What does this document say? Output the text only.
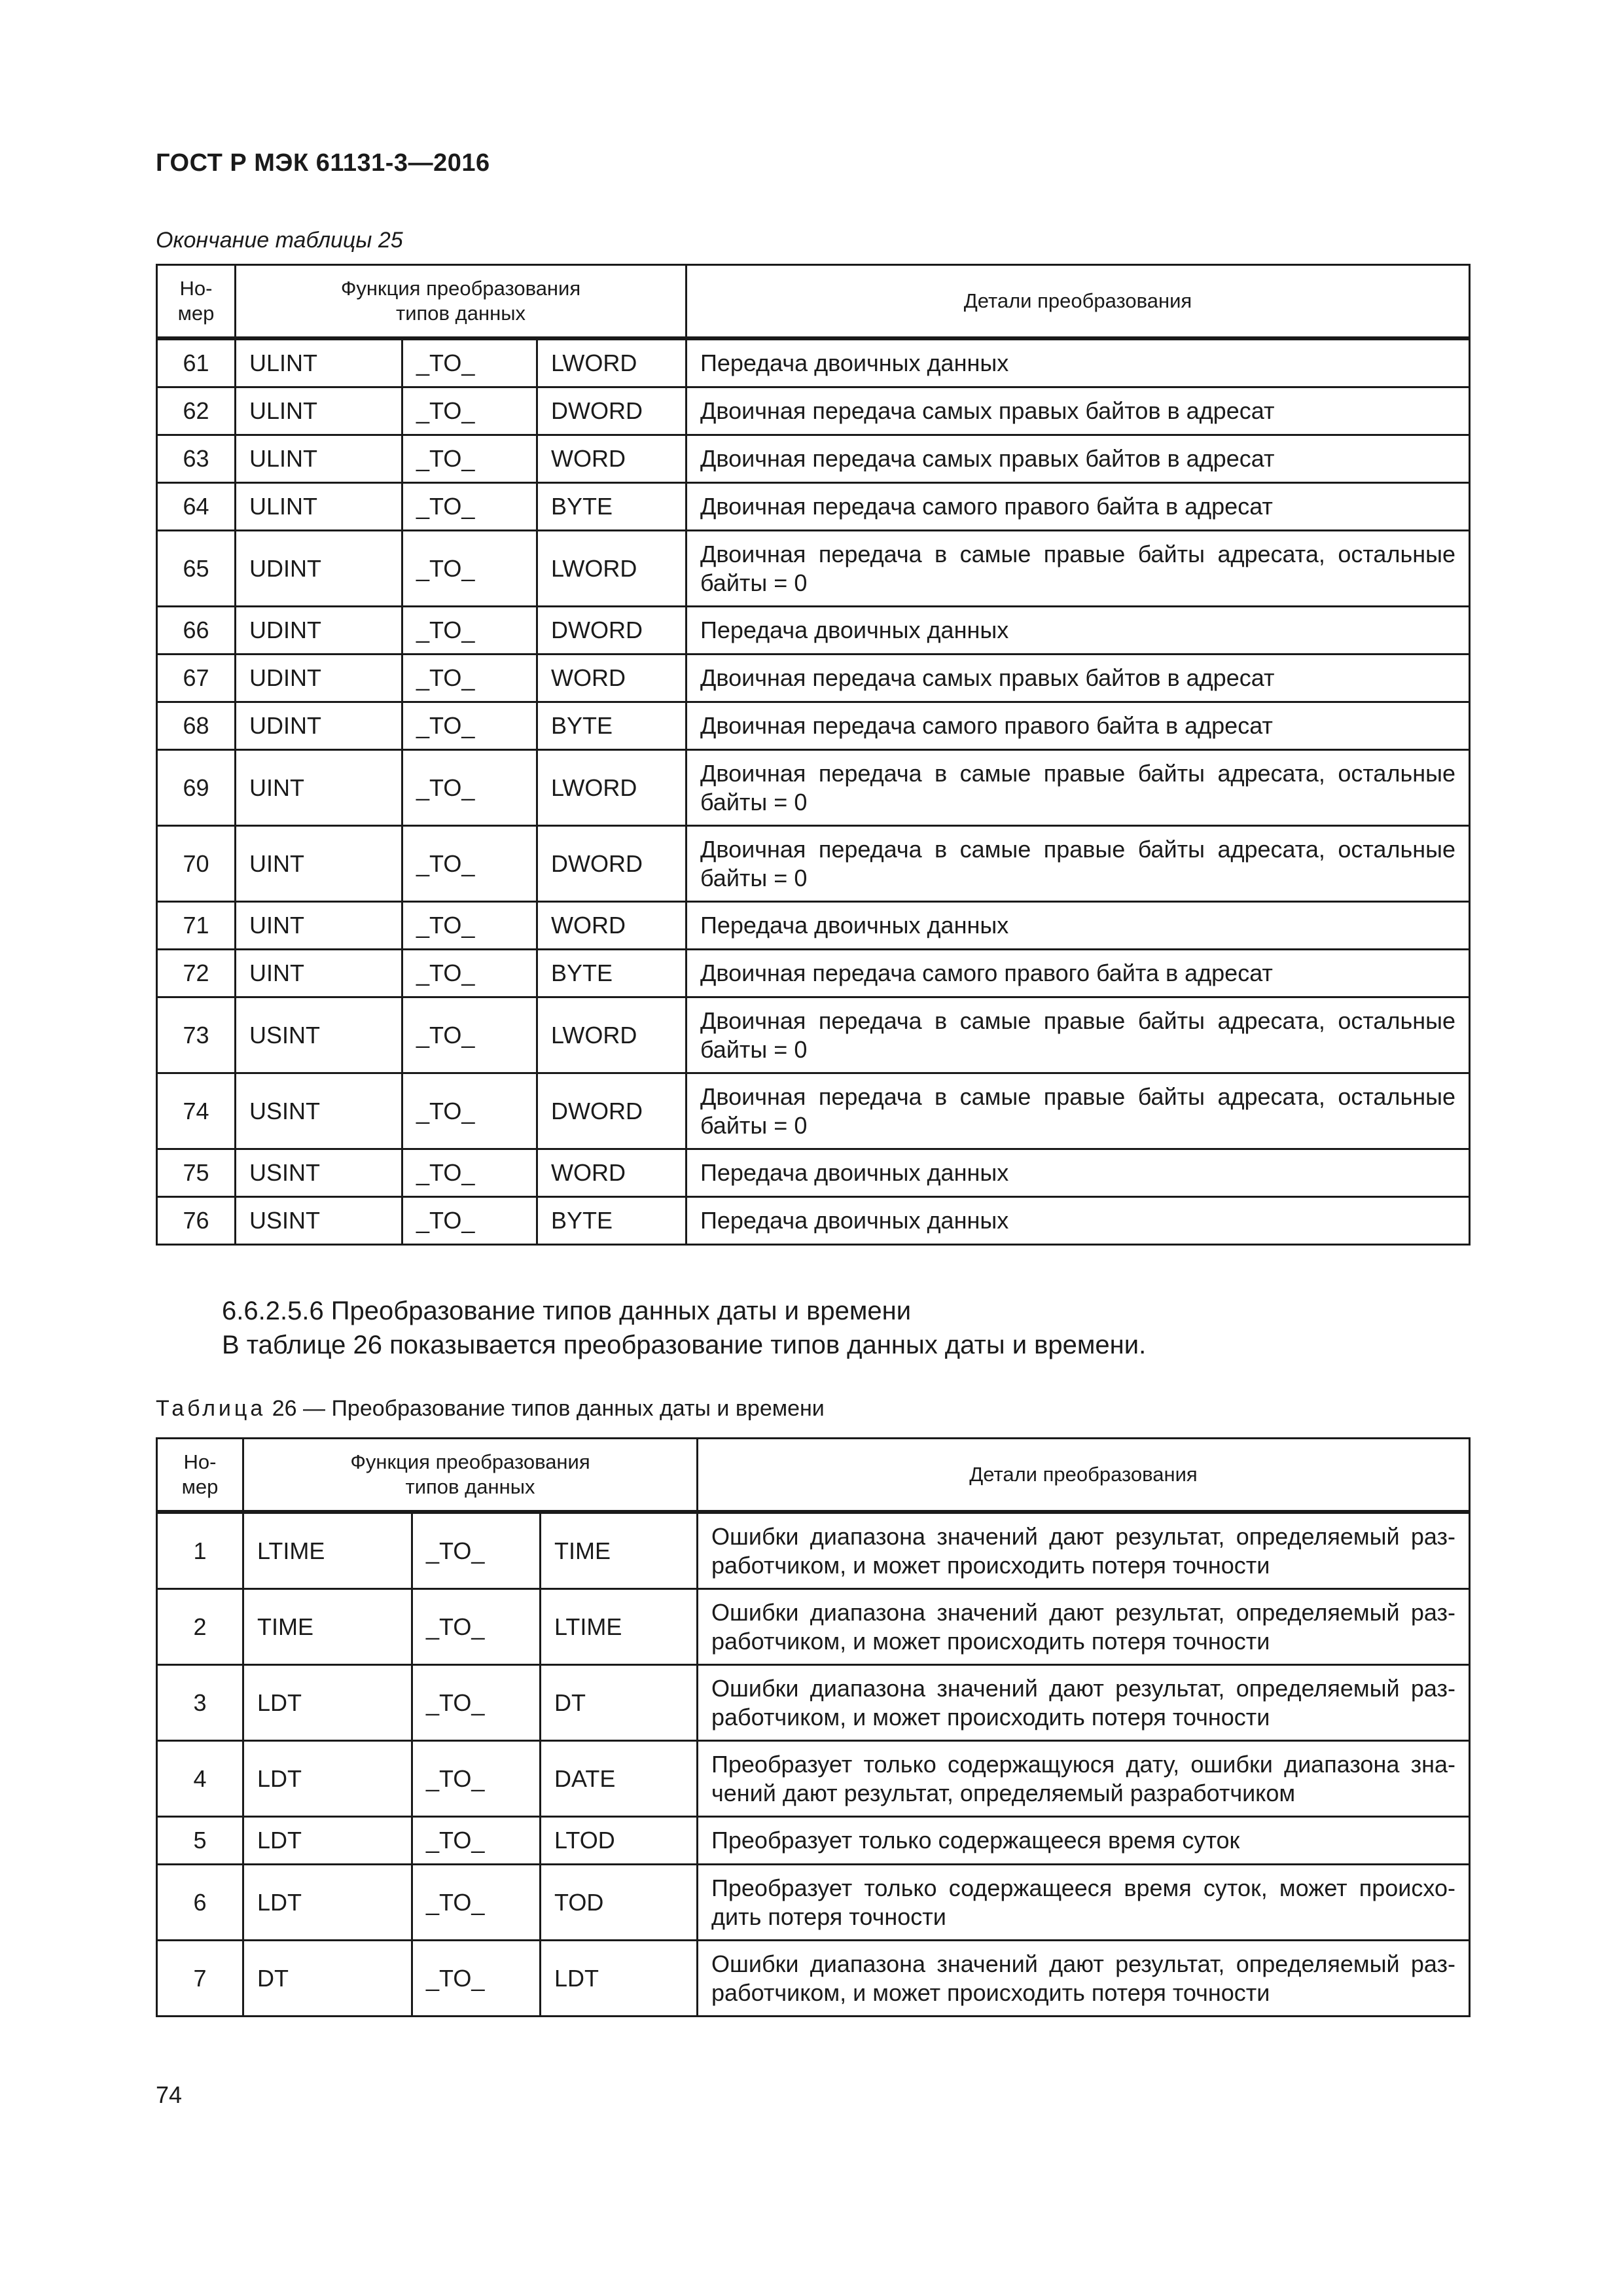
ГОСТ Р МЭК 61131-3—2016
Окончание таблицы 25
Но-
мер	Функция преобразования
типов данных			Детали преобразования
61	ULINT	_TO_	LWORD	Передача двоичных данных
62	ULINT	_TO_	DWORD	Двоичная передача самых правых байтов в адресат
63	ULINT	_TO_	WORD	Двоичная передача самых правых байтов в адресат
64	ULINT	_TO_	BYTE	Двоичная передача самого правого байта в адресат
65	UDINT	_TO_	LWORD	Двоичная передача в самые правые байты адресата, остальные байты = 0
66	UDINT	_TO_	DWORD	Передача двоичных данных
67	UDINT	_TO_	WORD	Двоичная передача самых правых байтов в адресат
68	UDINT	_TO_	BYTE	Двоичная передача самого правого байта в адресат
69	UINT	_TO_	LWORD	Двоичная передача в самые правые байты адресата, остальные байты = 0
70	UINT	_TO_	DWORD	Двоичная передача в самые правые байты адресата, остальные байты = 0
71	UINT	_TO_	WORD	Передача двоичных данных
72	UINT	_TO_	BYTE	Двоичная передача самого правого байта в адресат
73	USINT	_TO_	LWORD	Двоичная передача в самые правые байты адресата, остальные байты = 0
74	USINT	_TO_	DWORD	Двоичная передача в самые правые байты адресата, остальные байты = 0
75	USINT	_TO_	WORD	Передача двоичных данных
76	USINT	_TO_	BYTE	Передача двоичных данных
6.6.2.5.6 Преобразование типов данных даты и времени
В таблице 26 показывается преобразование типов данных даты и времени.
Таблица 26 — Преобразование типов данных даты и времени
Но-
мер	Функция преобразования
типов данных			Детали преобразования
1	LTIME	_TO_	TIME	Ошибки диапазона значений дают результат, определяемый раз-работчиком, и может происходить потеря точности
2	TIME	_TO_	LTIME	Ошибки диапазона значений дают результат, определяемый раз-работчиком, и может происходить потеря точности
3	LDT	_TO_	DT	Ошибки диапазона значений дают результат, определяемый раз-работчиком, и может происходить потеря точности
4	LDT	_TO_	DATE	Преобразует только содержащуюся дату, ошибки диапазона зна-чений дают результат, определяемый разработчиком
5	LDT	_TO_	LTOD	Преобразует только содержащееся время суток
6	LDT	_TO_	TOD	Преобразует только содержащееся время суток, может происхо-дить потеря точности
7	DT	_TO_	LDT	Ошибки диапазона значений дают результат, определяемый раз-работчиком, и может происходить потеря точности
74
